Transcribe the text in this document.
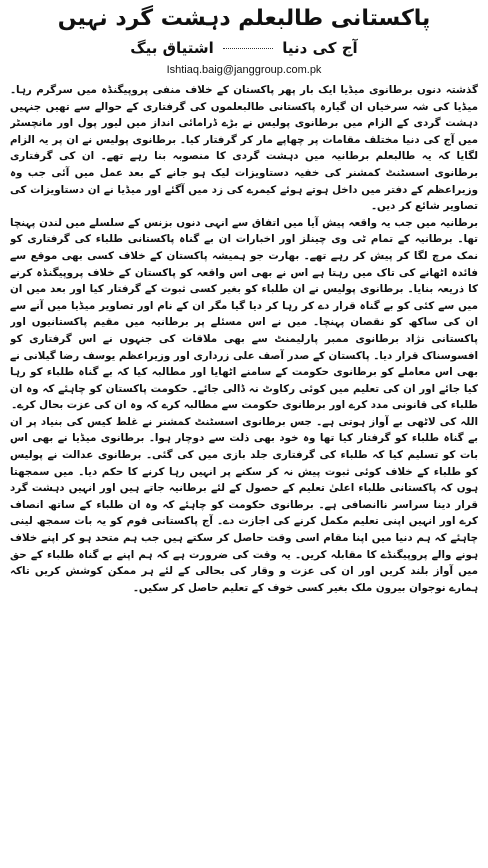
پاکستانی طالبعلم دہشت گرد نہیں
آج کی دنیا  اشتیاق بیگ
Ishtiaq.baig@janggroup.com.pk

گذشتہ دنوں برطانوی میڈیا ایک بار پھر پاکستان کے خلاف منفی پروپیگنڈہ میں سرگرم رہا۔ میڈیا کی شہ سرخیاں ان گیارہ پاکستانی طالبعلموں کی گرفتاری کے حوالے سے تھیں جنہیں دہشت گردی کے الزام میں برطانوی پولیس نے بڑے ڈرامائی انداز میں لیور پول اور مانچسٹر میں آج کی دنیا مختلف مقامات پر چھاپے مار کر گرفتار کیا۔ برطانوی پولیس نے ان پر یہ الزام لگایا کہ یہ طالبعلم برطانیہ میں دہشت گردی کا منصوبہ بنا رہے تھے۔ ان کی گرفتاری برطانوی اسسٹنٹ کمشنر کی خفیہ دستاویزات لیک ہو جانے کے بعد عمل میں آئی جب وہ وزیراعظم کے دفتر میں داخل ہوتے ہوئے کیمرے کی زد میں آگئے اور میڈیا نے ان دستاویزات کی تصاویر شائع کر دیں۔

برطانیہ میں جب یہ واقعہ پیش آیا میں اتفاق سے انہی دنوں بزنس کے سلسلے میں لندن پہنچا تھا۔ برطانیہ کے تمام ٹی وی چینلز اور اخبارات ان بے گناہ پاکستانی طلباء کی گرفتاری کو نمک مرچ لگا کر پیش کر رہے تھے۔ بھارت جو ہمیشہ پاکستان کے خلاف کسی بھی موقع سے فائدہ اٹھانے کی تاک میں رہتا ہے اس نے بھی اس واقعہ کو پاکستان کے خلاف پروپیگنڈہ کرنے کا ذریعہ بنایا۔ برطانوی پولیس نے ان طلباء کو بغیر کسی ثبوت کے گرفتار کیا اور بعد میں ان میں سے کئی کو بے گناہ قرار دے کر رہا کر دیا گیا مگر ان کے نام اور تصاویر میڈیا میں آنے سے ان کی ساکھ کو نقصان پہنچا۔ میں نے اس مسئلے پر برطانیہ میں مقیم پاکستانیوں اور پاکستانی نژاد برطانوی ممبر پارلیمنٹ سے بھی ملاقات کی جنہوں نے اس گرفتاری کو افسوسناک قرار دیا۔ پاکستان کے صدر آصف علی زرداری اور وزیراعظم یوسف رضا گیلانی نے بھی اس معاملے کو برطانوی حکومت کے سامنے اٹھایا اور مطالبہ کیا کہ بے گناہ طلباء کو رہا کیا جائے اور ان کی تعلیم میں کوئی رکاوٹ نہ ڈالی جائے۔ حکومت پاکستان کو چاہئے کہ وہ ان طلباء کی قانونی مدد کرے اور برطانوی حکومت سے مطالبہ کرے کہ وہ ان کی عزت بحال کرے۔

اللہ کی لاٹھی بے آواز ہوتی ہے۔ جس برطانوی اسسٹنٹ کمشنر نے غلط کیس کی بنیاد پر ان بے گناہ طلباء کو گرفتار کیا تھا وہ خود بھی ذلت سے دوچار ہوا۔ برطانوی میڈیا نے بھی اس بات کو تسلیم کیا کہ طلباء کی گرفتاری جلد بازی میں کی گئی۔ برطانوی عدالت نے پولیس کو طلباء کے خلاف کوئی ثبوت پیش نہ کر سکنے پر انہیں رہا کرنے کا حکم دیا۔ میں سمجھتا ہوں کہ پاکستانی طلباء اعلیٰ تعلیم کے حصول کے لئے برطانیہ جاتے ہیں اور انہیں دہشت گرد قرار دینا سراسر ناانصافی ہے۔ برطانوی حکومت کو چاہئے کہ وہ ان طلباء کے ساتھ انصاف کرے اور انہیں اپنی تعلیم مکمل کرنے کی اجازت دے۔ آج پاکستانی قوم کو یہ بات سمجھ لینی چاہئے کہ ہم دنیا میں اپنا مقام اسی وقت حاصل کر سکتے ہیں جب ہم متحد ہو کر اپنے خلاف ہونے والے پروپیگنڈے کا مقابلہ کریں۔ یہ وقت کی ضرورت ہے کہ ہم اپنے بے گناہ طلباء کے حق میں آواز بلند کریں اور ان کی عزت و وقار کی بحالی کے لئے ہر ممکن کوشش کریں تاکہ ہمارے نوجوان بیرون ملک بغیر کسی خوف کے تعلیم حاصل کر سکیں۔
